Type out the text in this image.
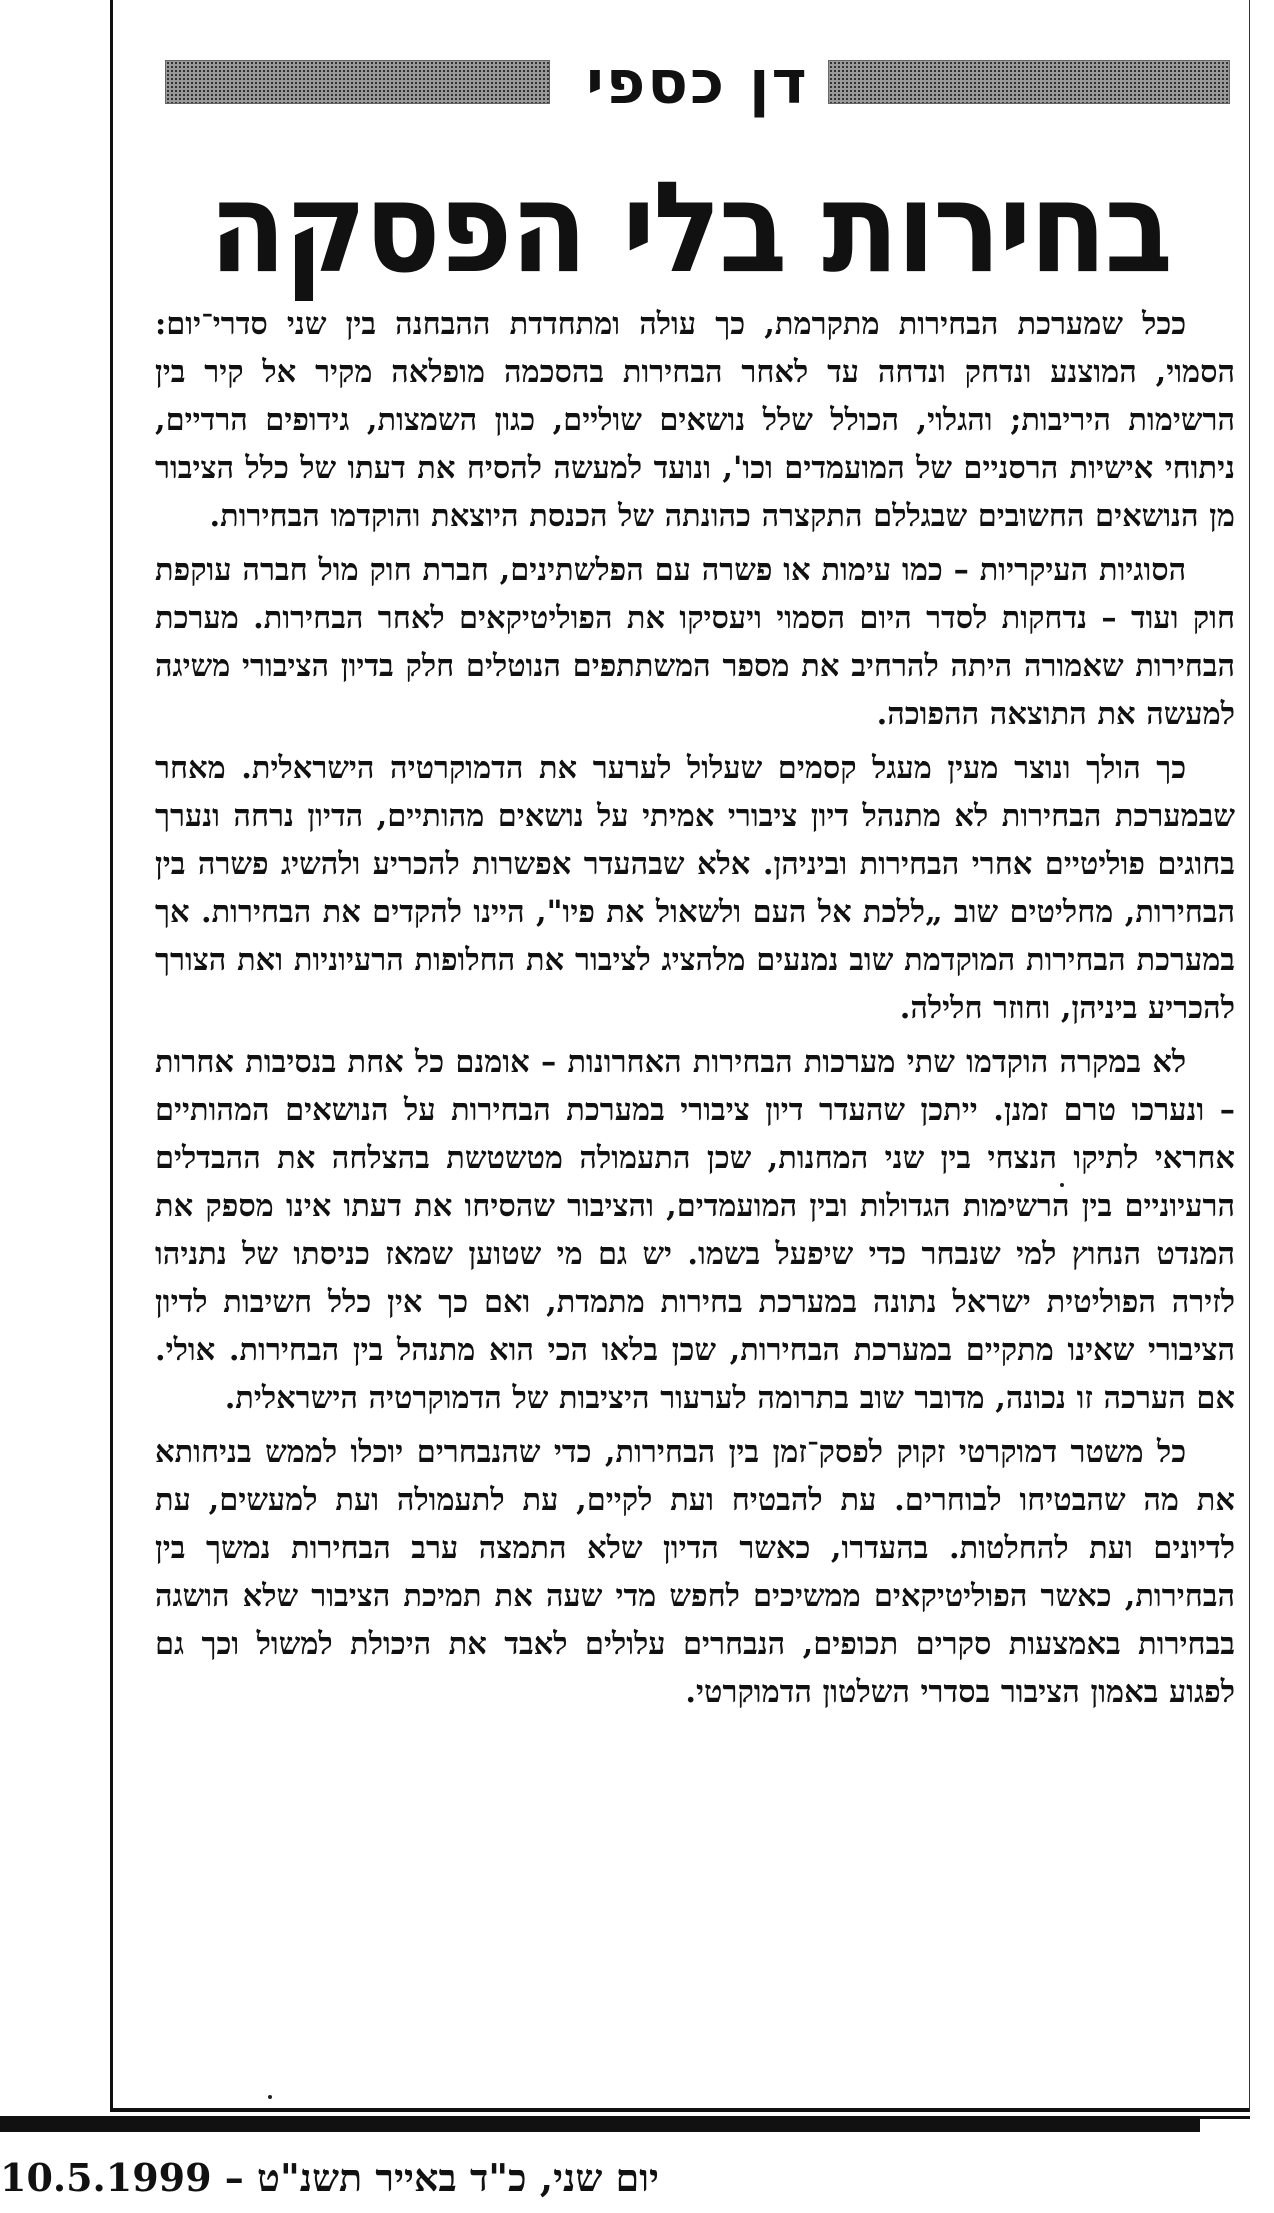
דן כספי
בחירות בלי הפסקה

ככל שמערכת הבחירות מתקרמת, כך עולה ומתחדדת ההבחנה בין שני סדרי־יום: הסמוי, המוצנע ונדחק ונדחה עד לאחר הבחירות בהסכמה מופלאה מקיר אל קיר בין הרשימות היריבות; והגלוי, הכולל שלל נושאים שוליים, כגון השמצות, גידופים הרדיים, ניתוחי אישיות הרסניים של המועמדים וכו', ונועד למעשה להסיח את דעתו של כלל הציבור מן הנושאים החשובים שבגללם התקצרה כהונתה של הכנסת היוצאת והוקדמו הבחירות.

הסוגיות העיקריות – כמו עימות או פשרה עם הפלשתינים, חברת חוק מול חברה עוקפת חוק ועוד – נדחקות לסדר היום הסמוי ויעסיקו את הפוליטיקאים לאחר הבחירות. מערכת הבחירות שאמורה היתה להרחיב את מספר המשתתפים הנוטלים חלק בדיון הציבורי משיגה למעשה את התוצאה ההפוכה.

כך הולך ונוצר מעין מעגל קסמים שעלול לערער את הדמוקרטיה הישראלית. מאחר שבמערכת הבחירות לא מתנהל דיון ציבורי אמיתי על נושאים מהותיים, הדיון נרחה ונערך בחוגים פוליטיים אחרי הבחירות וביניהן. אלא שבהעדר אפשרות להכריע ולהשיג פשרה בין הבחירות, מחליטים שוב „ללכת אל העם ולשאול את פיו", היינו להקדים את הבחירות. אך במערכת הבחירות המוקדמת שוב נמנעים מלהציג לציבור את החלופות הרעיוניות ואת הצורך להכריע ביניהן, וחוזר חלילה.

לא במקרה הוקדמו שתי מערכות הבחירות האחרונות – אומנם כל אחת בנסיבות אחרות – ונערכו טרם זמנן. ייתכן שהעדר דיון ציבורי במערכת הבחירות על הנושאים המהותיים אחראי לתיקו הנצחי בין שני המחנות, שכן התעמולה מטשטשת בהצלחה את ההבדלים הרעיוניים בין הרשימות הגדולות ובין המועמדים, והציבור שהסיחו את דעתו אינו מספק את המנדט הנחוץ למי שנבחר כדי שיפעל בשמו. יש גם מי שטוען שמאז כניסתו של נתניהו לזירה הפוליטית ישראל נתונה במערכת בחירות מתמדת, ואם כך אין כלל חשיבות לדיון הציבורי שאינו מתקיים במערכת הבחירות, שכן בלאו הכי הוא מתנהל בין הבחירות. אולי. אם הערכה זו נכונה, מדובר שוב בתרומה לערעור היציבות של הדמוקרטיה הישראלית.

כל משטר דמוקרטי זקוק לפסק־זמן בין הבחירות, כדי שהנבחרים יוכלו לממש בניחותא את מה שהבטיחו לבוחרים. עת להבטיח ועת לקיים, עת לתעמולה ועת למעשים, עת לדיונים ועת להחלטות. בהעדרו, כאשר הדיון שלא התמצה ערב הבחירות נמשך בין הבחירות, כאשר הפוליטיקאים ממשיכים לחפש מדי שעה את תמיכת הציבור שלא הושגה בבחירות באמצעות סקרים תכופים, הנבחרים עלולים לאבד את היכולת למשול וכך גם לפגוע באמון הציבור בסדרי השלטון הדמוקרטי.

יום שני, כ"ד באייר תשנ"ט – 10.5.1999
